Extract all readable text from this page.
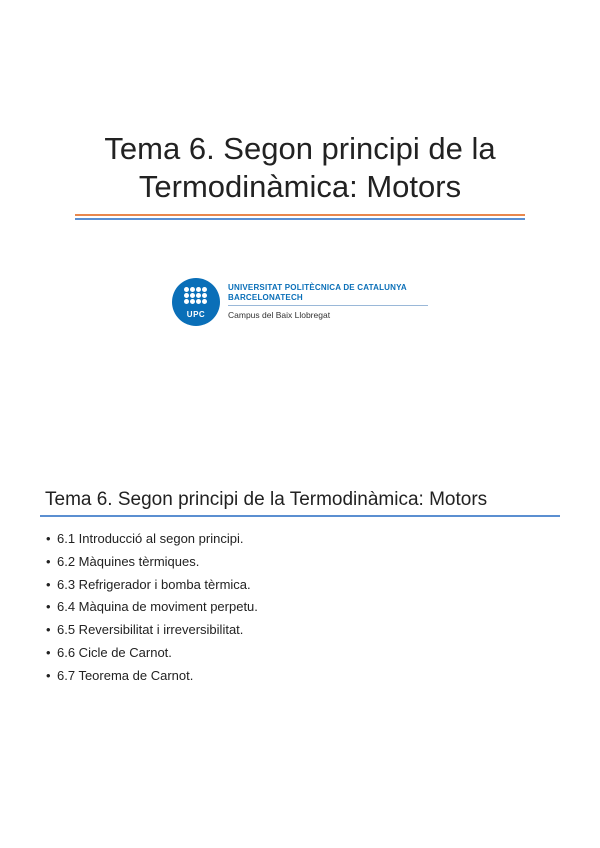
Tema 6. Segon principi de la
Termodinàmica: Motors
UPC
UNIVERSITAT POLITÈCNICA DE CATALUNYA
BARCELONATECH
Campus del Baix Llobregat
Tema 6. Segon principi de la Termodinàmica: Motors
• 6.1 Introducció al segon principi.
• 6.2 Màquines tèrmiques.
• 6.3 Refrigerador i bomba tèrmica.
• 6.4 Màquina de moviment perpetu.
• 6.5 Reversibilitat i irreversibilitat.
• 6.6 Cicle de Carnot.
• 6.7 Teorema de Carnot.
